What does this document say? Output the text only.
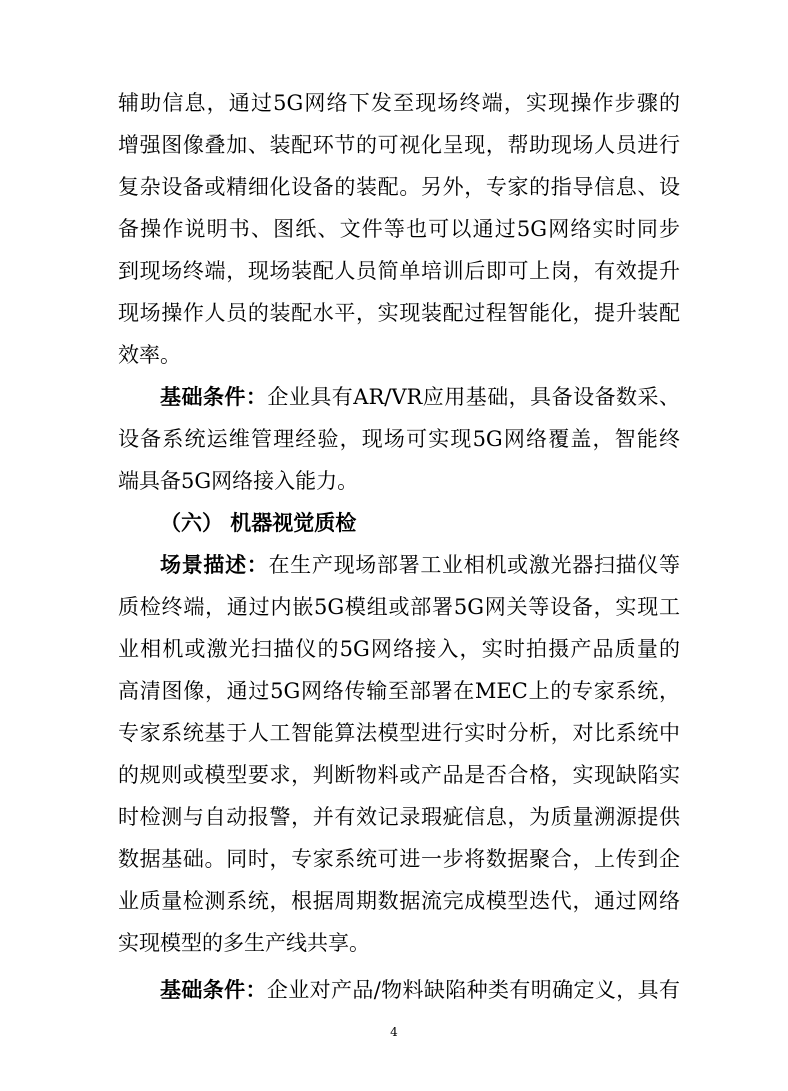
辅助信息，通过5G网络下发至现场终端，实现操作步骤的
增强图像叠加、装配环节的可视化呈现，帮助现场人员进行
复杂设备或精细化设备的装配。另外，专家的指导信息、设
备操作说明书、图纸、文件等也可以通过5G网络实时同步
到现场终端，现场装配人员简单培训后即可上岗，有效提升
现场操作人员的装配水平，实现装配过程智能化，提升装配
效率。
基础条件：企业具有AR/VR应用基础，具备设备数采、
设备系统运维管理经验，现场可实现5G网络覆盖，智能终
端具备5G网络接入能力。
（六） 机器视觉质检
场景描述：在生产现场部署工业相机或激光器扫描仪等
质检终端，通过内嵌5G模组或部署5G网关等设备，实现工
业相机或激光扫描仪的5G网络接入，实时拍摄产品质量的
高清图像，通过5G网络传输至部署在MEC上的专家系统，
专家系统基于人工智能算法模型进行实时分析，对比系统中
的规则或模型要求，判断物料或产品是否合格，实现缺陷实
时检测与自动报警，并有效记录瑕疵信息，为质量溯源提供
数据基础。同时，专家系统可进一步将数据聚合，上传到企
业质量检测系统，根据周期数据流完成模型迭代，通过网络
实现模型的多生产线共享。
基础条件：企业对产品/物料缺陷种类有明确定义，具有
4
